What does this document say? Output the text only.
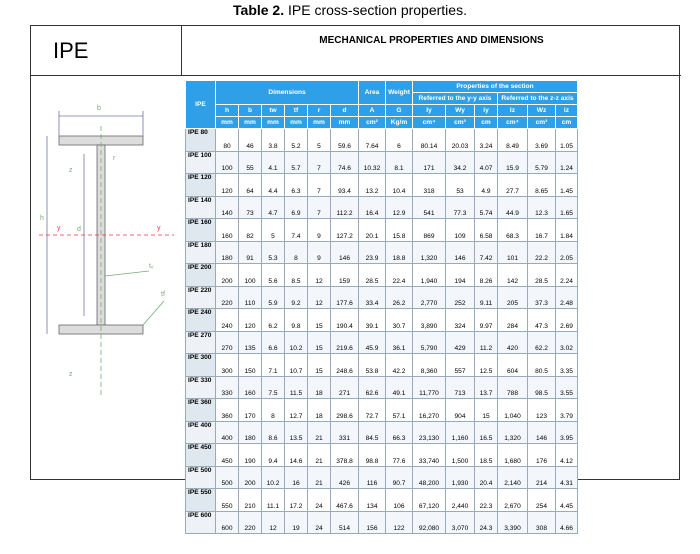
Table 2. IPE cross-section properties.
IPE	MECHANICAL PROPERTIES AND DIMENSIONS
b
z
r
y	y
d
h
tᵥ
tf
z
IPE	Dimensions						Area	Weight	Properties of the section					
									Referred to the y-y axis			Referred to the z-z axis		
	h	b	tw	tf	r	d	A	G	Iy	Wy	iy	Iz	Wz	iz
	mm	mm	mm	mm	mm	mm	cm²	Kg/m	cm⁴	cm³	cm	cm⁴	cm³	cm
IPE 80	80	46	3.8	5.2	5	59.6	7.64	6	80.14	20.03	3.24	8.49	3.69	1.05
IPE 100	100	55	4.1	5.7	7	74.6	10.32	8.1	171	34.2	4.07	15.9	5.79	1.24
IPE 120	120	64	4.4	6.3	7	93.4	13.2	10.4	318	53	4.9	27.7	8.65	1.45
IPE 140	140	73	4.7	6.9	7	112.2	16.4	12.9	541	77.3	5.74	44.9	12.3	1.65
IPE 160	160	82	5	7.4	9	127.2	20.1	15.8	869	109	6.58	68.3	16.7	1.84
IPE 180	180	91	5.3	8	9	146	23.9	18.8	1,320	146	7.42	101	22.2	2.05
IPE 200	200	100	5.6	8.5	12	159	28.5	22.4	1,940	194	8.26	142	28.5	2.24
IPE 220	220	110	5.9	9.2	12	177.6	33.4	26.2	2,770	252	9.11	205	37.3	2.48
IPE 240	240	120	6.2	9.8	15	190.4	39.1	30.7	3,890	324	9.97	284	47.3	2.69
IPE 270	270	135	6.6	10.2	15	219.6	45.9	36.1	5,790	429	11.2	420	62.2	3.02
IPE 300	300	150	7.1	10.7	15	248.6	53.8	42.2	8,360	557	12.5	604	80.5	3.35
IPE 330	330	160	7.5	11.5	18	271	62.6	49.1	11,770	713	13.7	788	98.5	3.55
IPE 360	360	170	8	12.7	18	298.6	72.7	57.1	16,270	904	15	1,040	123	3.79
IPE 400	400	180	8.6	13.5	21	331	84.5	66.3	23,130	1,160	16.5	1,320	146	3.95
IPE 450	450	190	9.4	14.6	21	378.8	98.8	77.6	33,740	1,500	18.5	1,680	176	4.12
IPE 500	500	200	10.2	16	21	426	116	90.7	48,200	1,930	20.4	2,140	214	4.31
IPE 550	550	210	11.1	17.2	24	467.6	134	106	67,120	2,440	22.3	2,670	254	4.45
IPE 600	600	220	12	19	24	514	156	122	92,080	3,070	24.3	3,390	308	4.66
